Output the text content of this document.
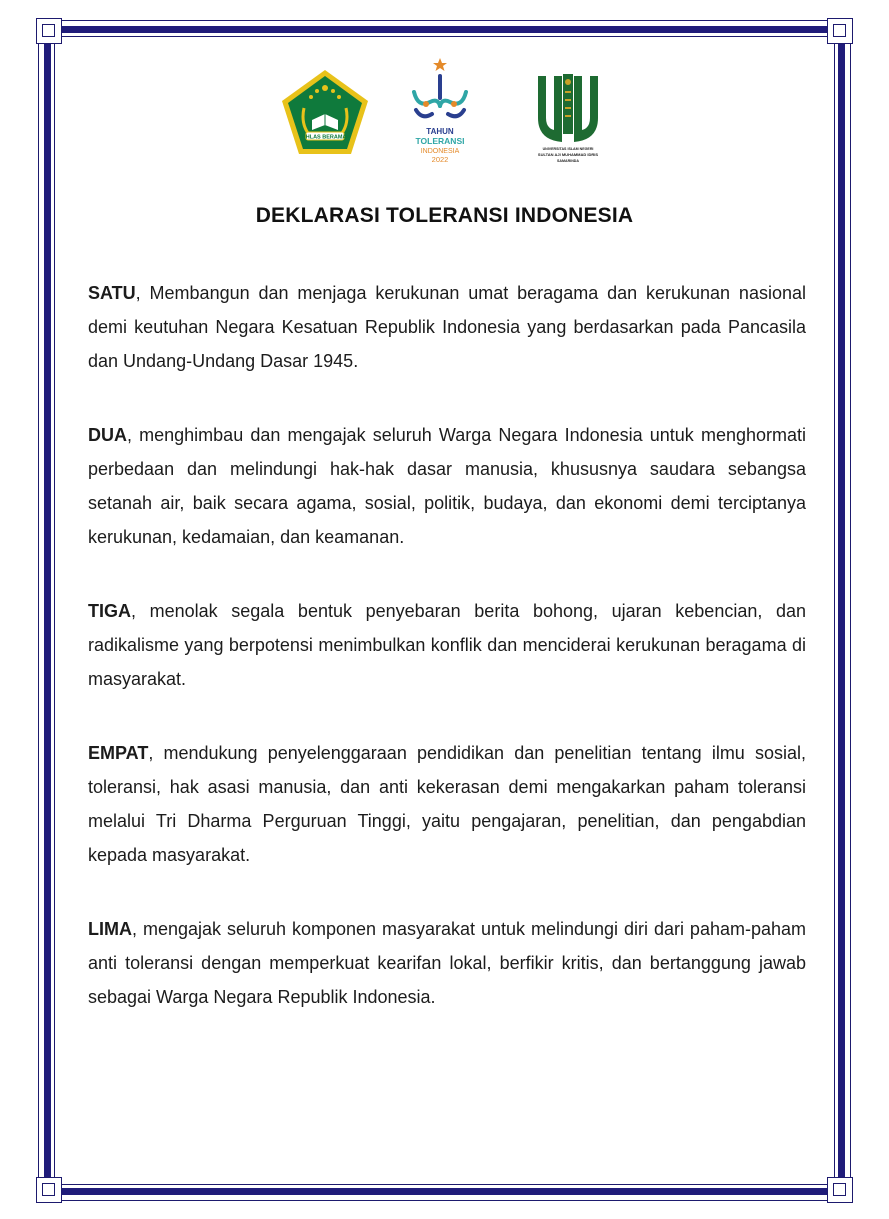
IKHLAS BERAMAL
TAHUN
TOLERANSI
INDONESIA
2022
UNIVERSITAS ISLAM NEGERI
SULTAN AJI MUHAMMAD IDRIS
SAMARINDA
DEKLARASI TOLERANSI INDONESIA

SATU, Membangun dan menjaga kerukunan umat beragama dan kerukunan nasional demi keutuhan Negara Kesatuan Republik Indonesia yang berdasarkan pada Pancasila dan Undang-Undang Dasar 1945.

DUA, menghimbau dan mengajak seluruh Warga Negara Indonesia untuk menghormati perbedaan dan melindungi hak-hak dasar manusia, khususnya saudara sebangsa setanah air, baik secara agama, sosial, politik, budaya, dan ekonomi demi terciptanya kerukunan, kedamaian, dan keamanan.

TIGA, menolak segala bentuk penyebaran berita bohong, ujaran kebencian, dan radikalisme yang berpotensi menimbulkan konflik dan menciderai kerukunan beragama di masyarakat.

EMPAT, mendukung penyelenggaraan pendidikan dan penelitian tentang ilmu sosial, toleransi, hak asasi manusia, dan anti kekerasan demi mengakarkan paham toleransi melalui Tri Dharma Perguruan Tinggi, yaitu pengajaran, penelitian, dan pengabdian kepada masyarakat.

LIMA, mengajak seluruh komponen masyarakat untuk melindungi diri dari paham-paham anti toleransi dengan memperkuat kearifan lokal, berfikir kritis, dan bertanggung jawab sebagai Warga Negara Republik Indonesia.
